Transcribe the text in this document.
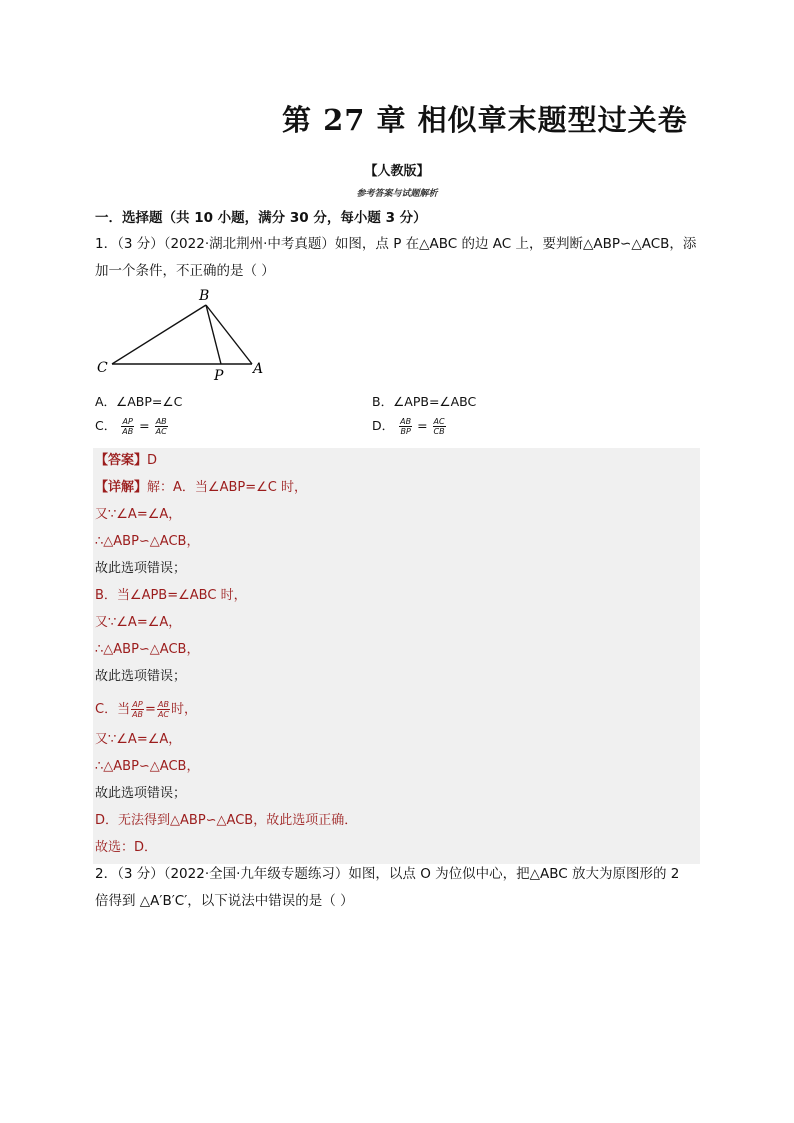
第 27 章 相似章末题型过关卷
【人教版】
参考答案与试题解析
一．选择题（共 10 小题，满分 30 分，每小题 3 分）
1．（3 分）（2022·湖北荆州·中考真题）如图，点 P 在△ABC 的边 AC 上，要判断△ABP∽△ACB，添
加一个条件，不正确的是（ ）
B
C	P A
A．∠ABP=∠C	B．∠APB=∠ABC
C． $\frac{AP}{AB} = \frac{AB}{AC}$	D． $\frac{AB}{BP} = \frac{AC}{CB}$
【答案】D
【详解】解：A．当∠ABP=∠C 时，
又∵∠A=∠A，
∴△ABP∽△ACB，
故此选项错误；
B．当∠APB=∠ABC 时，
又∵∠A=∠A，
∴△ABP∽△ACB，
故此选项错误；
C．当 $\frac{AP}{AB} = \frac{AB}{AC}$ 时，
又∵∠A=∠A，
∴△ABP∽△ACB，
故此选项错误；
D．无法得到△ABP∽△ACB，故此选项正确．
故选：D．
2．（3 分）（2022·全国·九年级专题练习）如图，以点 O 为位似中心，把△ABC 放大为原图形的 2
倍得到 △A′B′C′，以下说法中错误的是（ ）
